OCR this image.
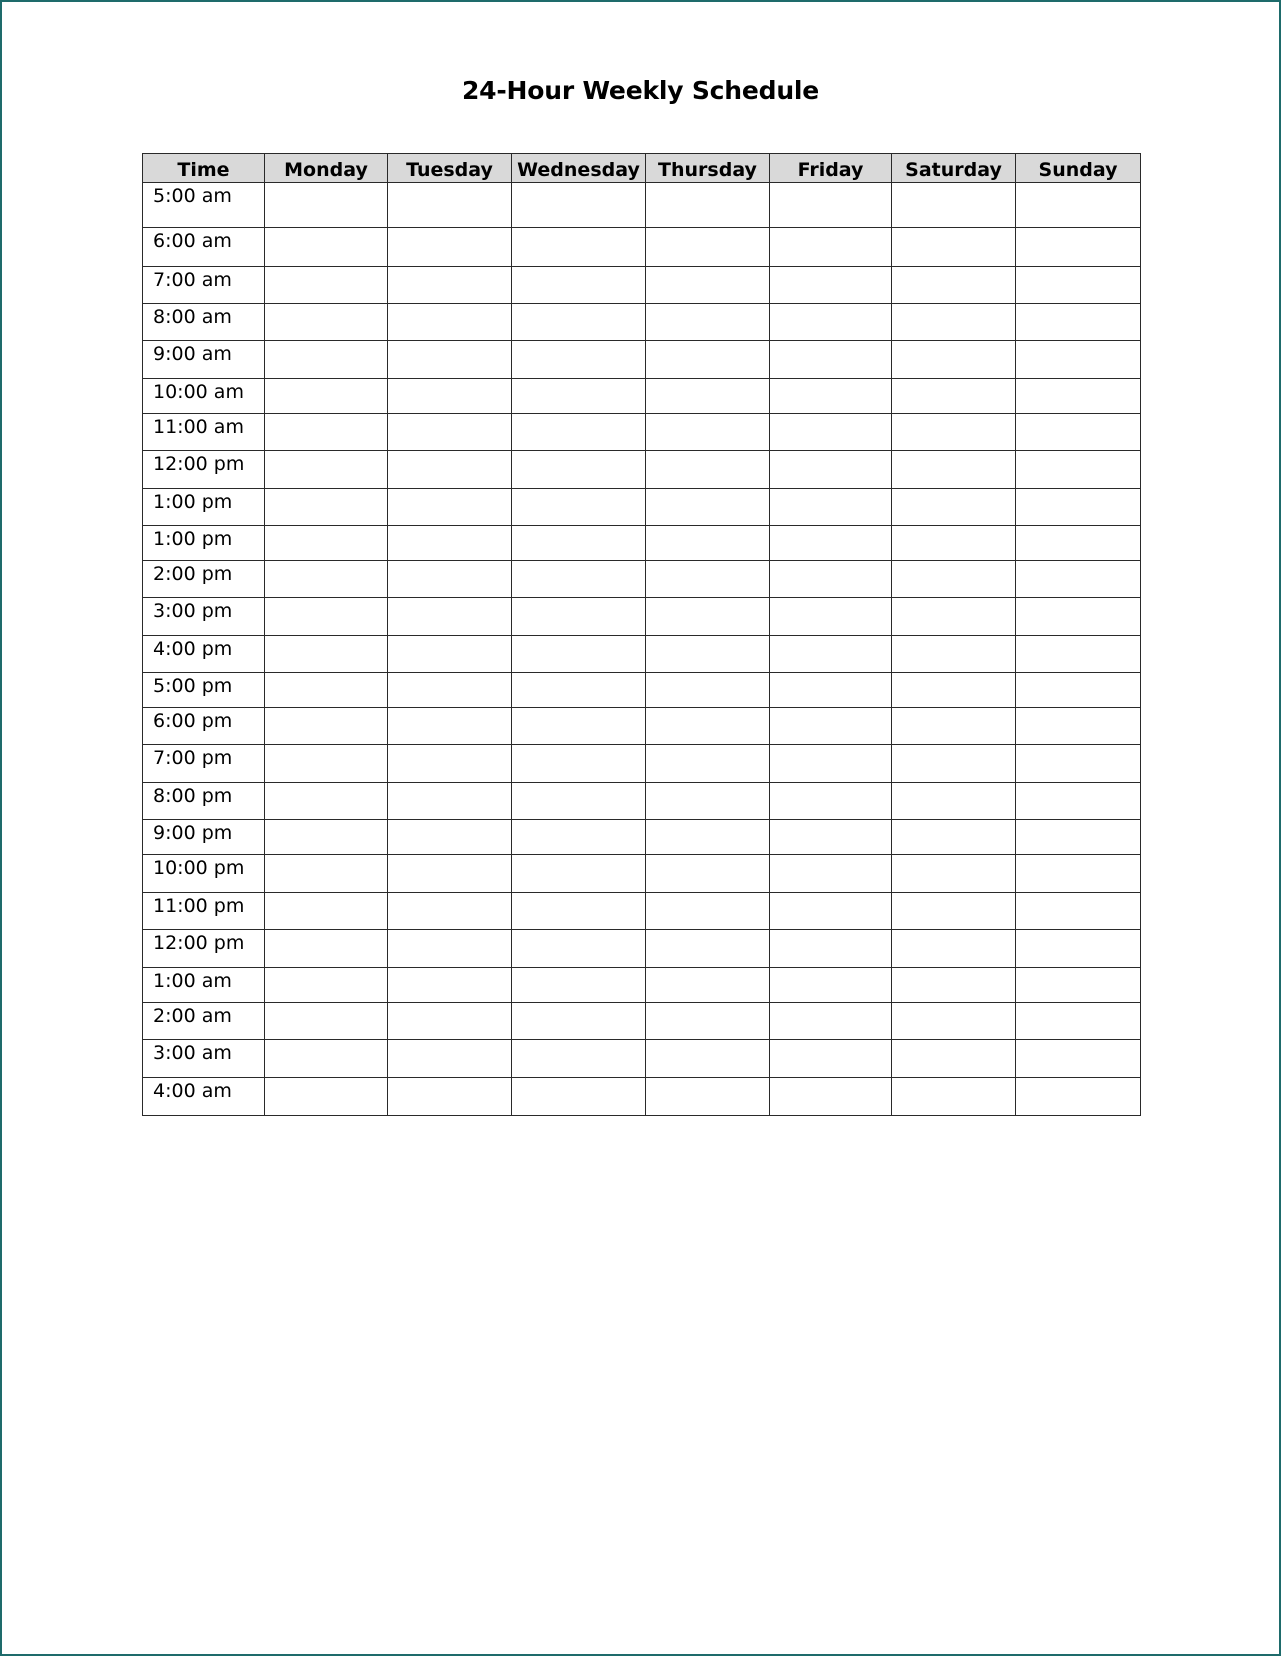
24-Hour Weekly Schedule
Time	Monday	Tuesday	Wednesday	Thursday	Friday	Saturday	Sunday
5:00 am							
6:00 am							
7:00 am							
8:00 am							
9:00 am							
10:00 am							
11:00 am							
12:00 pm							
1:00 pm							
1:00 pm							
2:00 pm							
3:00 pm							
4:00 pm							
5:00 pm							
6:00 pm							
7:00 pm							
8:00 pm							
9:00 pm							
10:00 pm							
11:00 pm							
12:00 pm							
1:00 am							
2:00 am							
3:00 am							
4:00 am							
